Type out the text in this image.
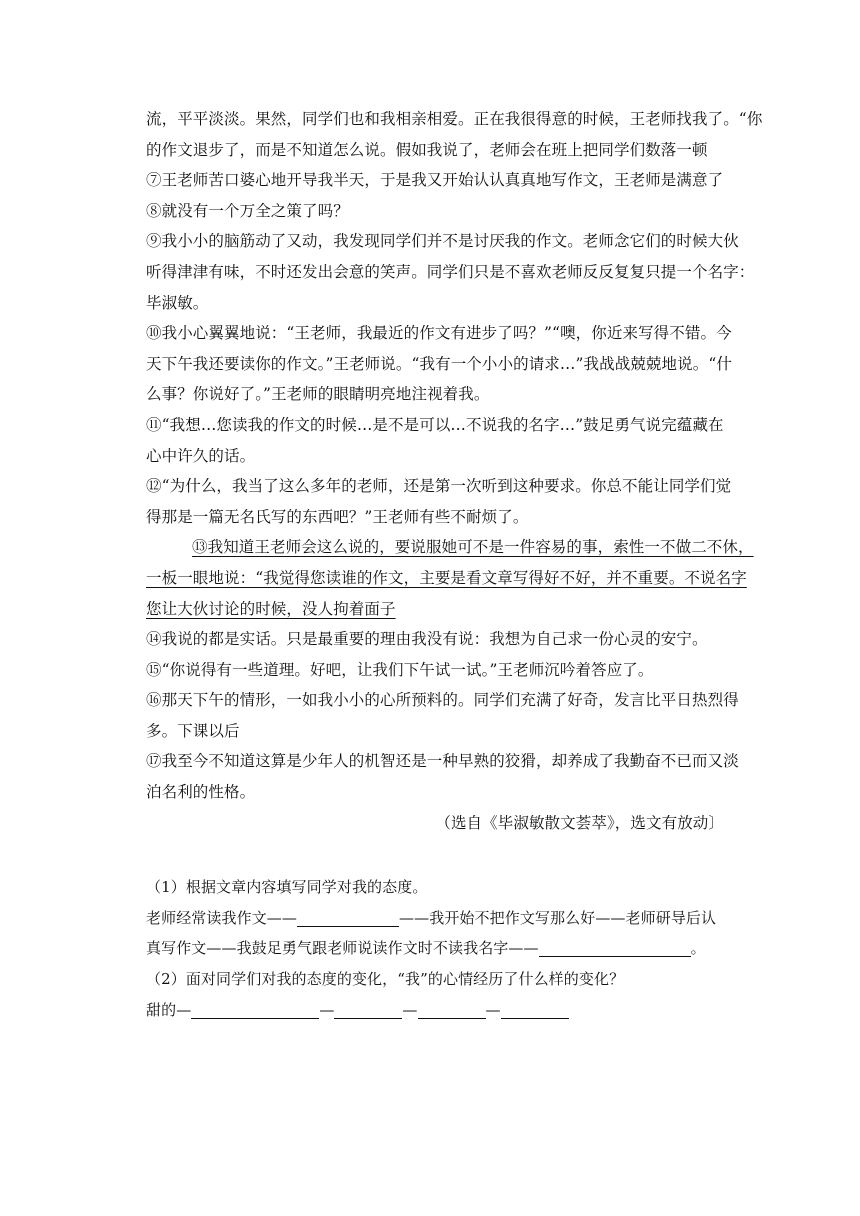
流，平平淡淡。果然，同学们也和我相亲相爱。正在我很得意的时候，王老师找我了。“你
的作文退步了，而是不知道怎么说。假如我说了，老师会在班上把同学们数落一顿
⑦王老师苦口婆心地开导我半天，于是我又开始认认真真地写作文，王老师是满意了
⑧就没有一个万全之策了吗？
⑨我小小的脑筋动了又动，我发现同学们并不是讨厌我的作文。老师念它们的时候大伙
听得津津有味，不时还发出会意的笑声。同学们只是不喜欢老师反反复复只提一个名字：
毕淑敏。
⑩我小心翼翼地说：“王老师，我最近的作文有进步了吗？”“噢，你近来写得不错。今
天下午我还要读你的作文。”王老师说。“我有一个小小的请求…”我战战兢兢地说。“什
么事？你说好了。”王老师的眼睛明亮地注视着我。
⑪“我想…您读我的作文的时候…是不是可以…不说我的名字…”鼓足勇气说完蕴藏在
心中许久的话。
⑫“为什么，我当了这么多年的老师，还是第一次听到这种要求。你总不能让同学们觉
得那是一篇无名氏写的东西吧？”王老师有些不耐烦了。
⑬我知道王老师会这么说的，要说服她可不是一件容易的事，索性一不做二不休，
一板一眼地说：“我觉得您读谁的作文，主要是看文章写得好不好，并不重要。不说名字
您让大伙讨论的时候，没人拘着面子
⑭我说的都是实话。只是最重要的理由我没有说：我想为自己求一份心灵的安宁。
⑮“你说得有一些道理。好吧，让我们下午试一试。”王老师沉吟着答应了。
⑯那天下午的情形，一如我小小的心所预料的。同学们充满了好奇，发言比平日热烈得
多。下课以后
⑰我至今不知道这算是少年人的机智还是一种早熟的狡猾，却养成了我勤奋不已而又淡
泊名利的性格。
（选自《毕淑敏散文荟萃》，选文有放动〕
（1）根据文章内容填写同学对我的态度。
老师经常读我作文——	——我开始不把作文写那么好——老师研导后认
真写作文——我鼓足勇气跟老师说读作文时不读我名字——	。
（2）面对同学们对我的态度的变化，“我”的心情经历了什么样的变化？
甜的—	—	—	—
